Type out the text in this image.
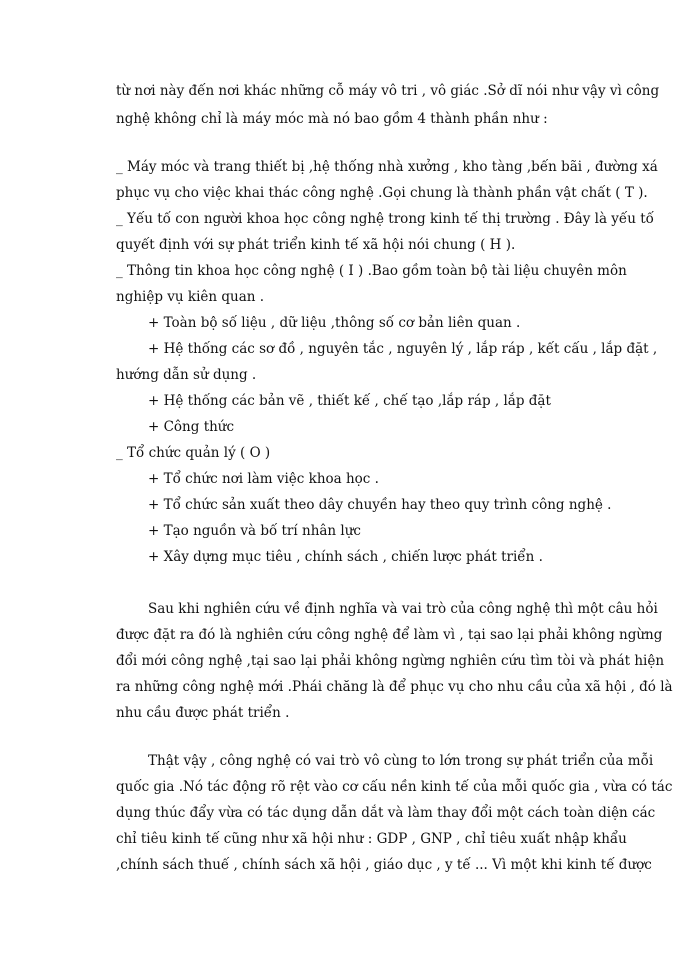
từ nơi này đến nơi khác những cỗ máy vô tri , vô giác .Sở dĩ nói như vậy vì công
nghệ không chỉ là máy móc mà nó bao gồm 4 thành phần như :
_ Máy móc và trang thiết bị ,hệ thống nhà xưởng , kho tàng ,bến bãi , đường xá
phục vụ cho việc khai thác công nghệ .Gọi chung là thành phần vật chất ( T ).
_ Yếu tố con người khoa học công nghệ trong kinh tế thị trường . Đây là yếu tố
quyết định với sự phát triển kinh tế xã hội nói chung ( H ).
_ Thông tin khoa học công nghệ ( I ) .Bao gồm toàn bộ tài liệu chuyên môn
nghiệp vụ kiên quan .
+ Toàn bộ số liệu , dữ liệu ,thông số cơ bản liên quan .
+ Hệ thống các sơ đồ , nguyên tắc , nguyên lý , lắp ráp , kết cấu , lắp đặt ,
hướng dẫn sử dụng .
+ Hệ thống các bản vẽ , thiết kế , chế tạo ,lắp ráp , lắp đặt
+ Công thức
_ Tổ chức quản lý ( O )
+ Tổ chức nơi làm việc khoa học .
+ Tổ chức sản xuất theo dây chuyền hay theo quy trình công nghệ .
+ Tạo nguồn và bố trí nhân lực
+ Xây dựng mục tiêu , chính sách , chiến lược phát triển .
Sau khi nghiên cứu về định nghĩa và vai trò của công nghệ thì một câu hỏi
được đặt ra đó là nghiên cứu công nghệ để làm vì , tại sao lại phải không ngừng
đổi mới công nghệ ,tại sao lại phải không ngừng nghiên cứu tìm tòi và phát hiện
ra những công nghệ mới .Phái chăng là để phục vụ cho nhu cầu của xã hội , đó là
nhu cầu được phát triển .
Thật vậy , công nghệ có vai trò vô cùng to lớn trong sự phát triển của mỗi
quốc gia .Nó tác động rõ rệt vào cơ cấu nền kinh tế của mỗi quốc gia , vừa có tác
dụng thúc đẩy vừa có tác dụng dẫn dắt và làm thay đổi một cách toàn diện các
chỉ tiêu kinh tế cũng như xã hội như : GDP , GNP , chỉ tiêu xuất nhập khẩu
,chính sách thuế , chính sách xã hội , giáo dục , y tế ... Vì một khi kinh tế được
